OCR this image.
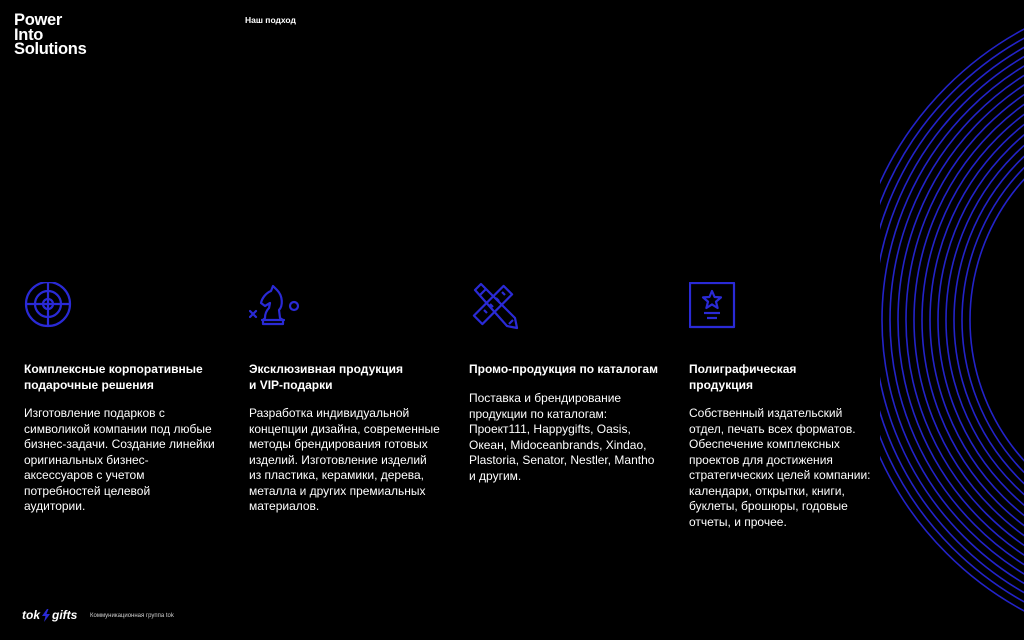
Power
Into
Solutions
Наш подход
Комплексные корпоративные
подарочные решения
Изготовление подарков с
символикой компании под любые
бизнес-задачи. Создание линейки
оригинальных бизнес-
аксессуаров с учетом
потребностей целевой
аудитории.
Эксклюзивная продукция
и VIP-подарки
Разработка индивидуальной
концепции дизайна, современные
методы брендирования готовых
изделий. Изготовление изделий
из пластика, керамики, дерева,
металла и других премиальных
материалов.
Промо-продукция по каталогам
Поставка и брендирование
продукции по каталогам:
Проект111, Happygifts, Oasis,
Океан, Midoceanbrands, Xindao,
Plastoria, Senator, Nestler, Mantho
и другим.
Полиграфическая
продукция
Собственный издательский
отдел, печать всех форматов.
Обеспечение комплексных
проектов для достижения
стратегических целей компании:
календари, открытки, книги,
буклеты, брошюры, годовые
отчеты, и прочее.
tok gifts Коммуникационная группа tok
